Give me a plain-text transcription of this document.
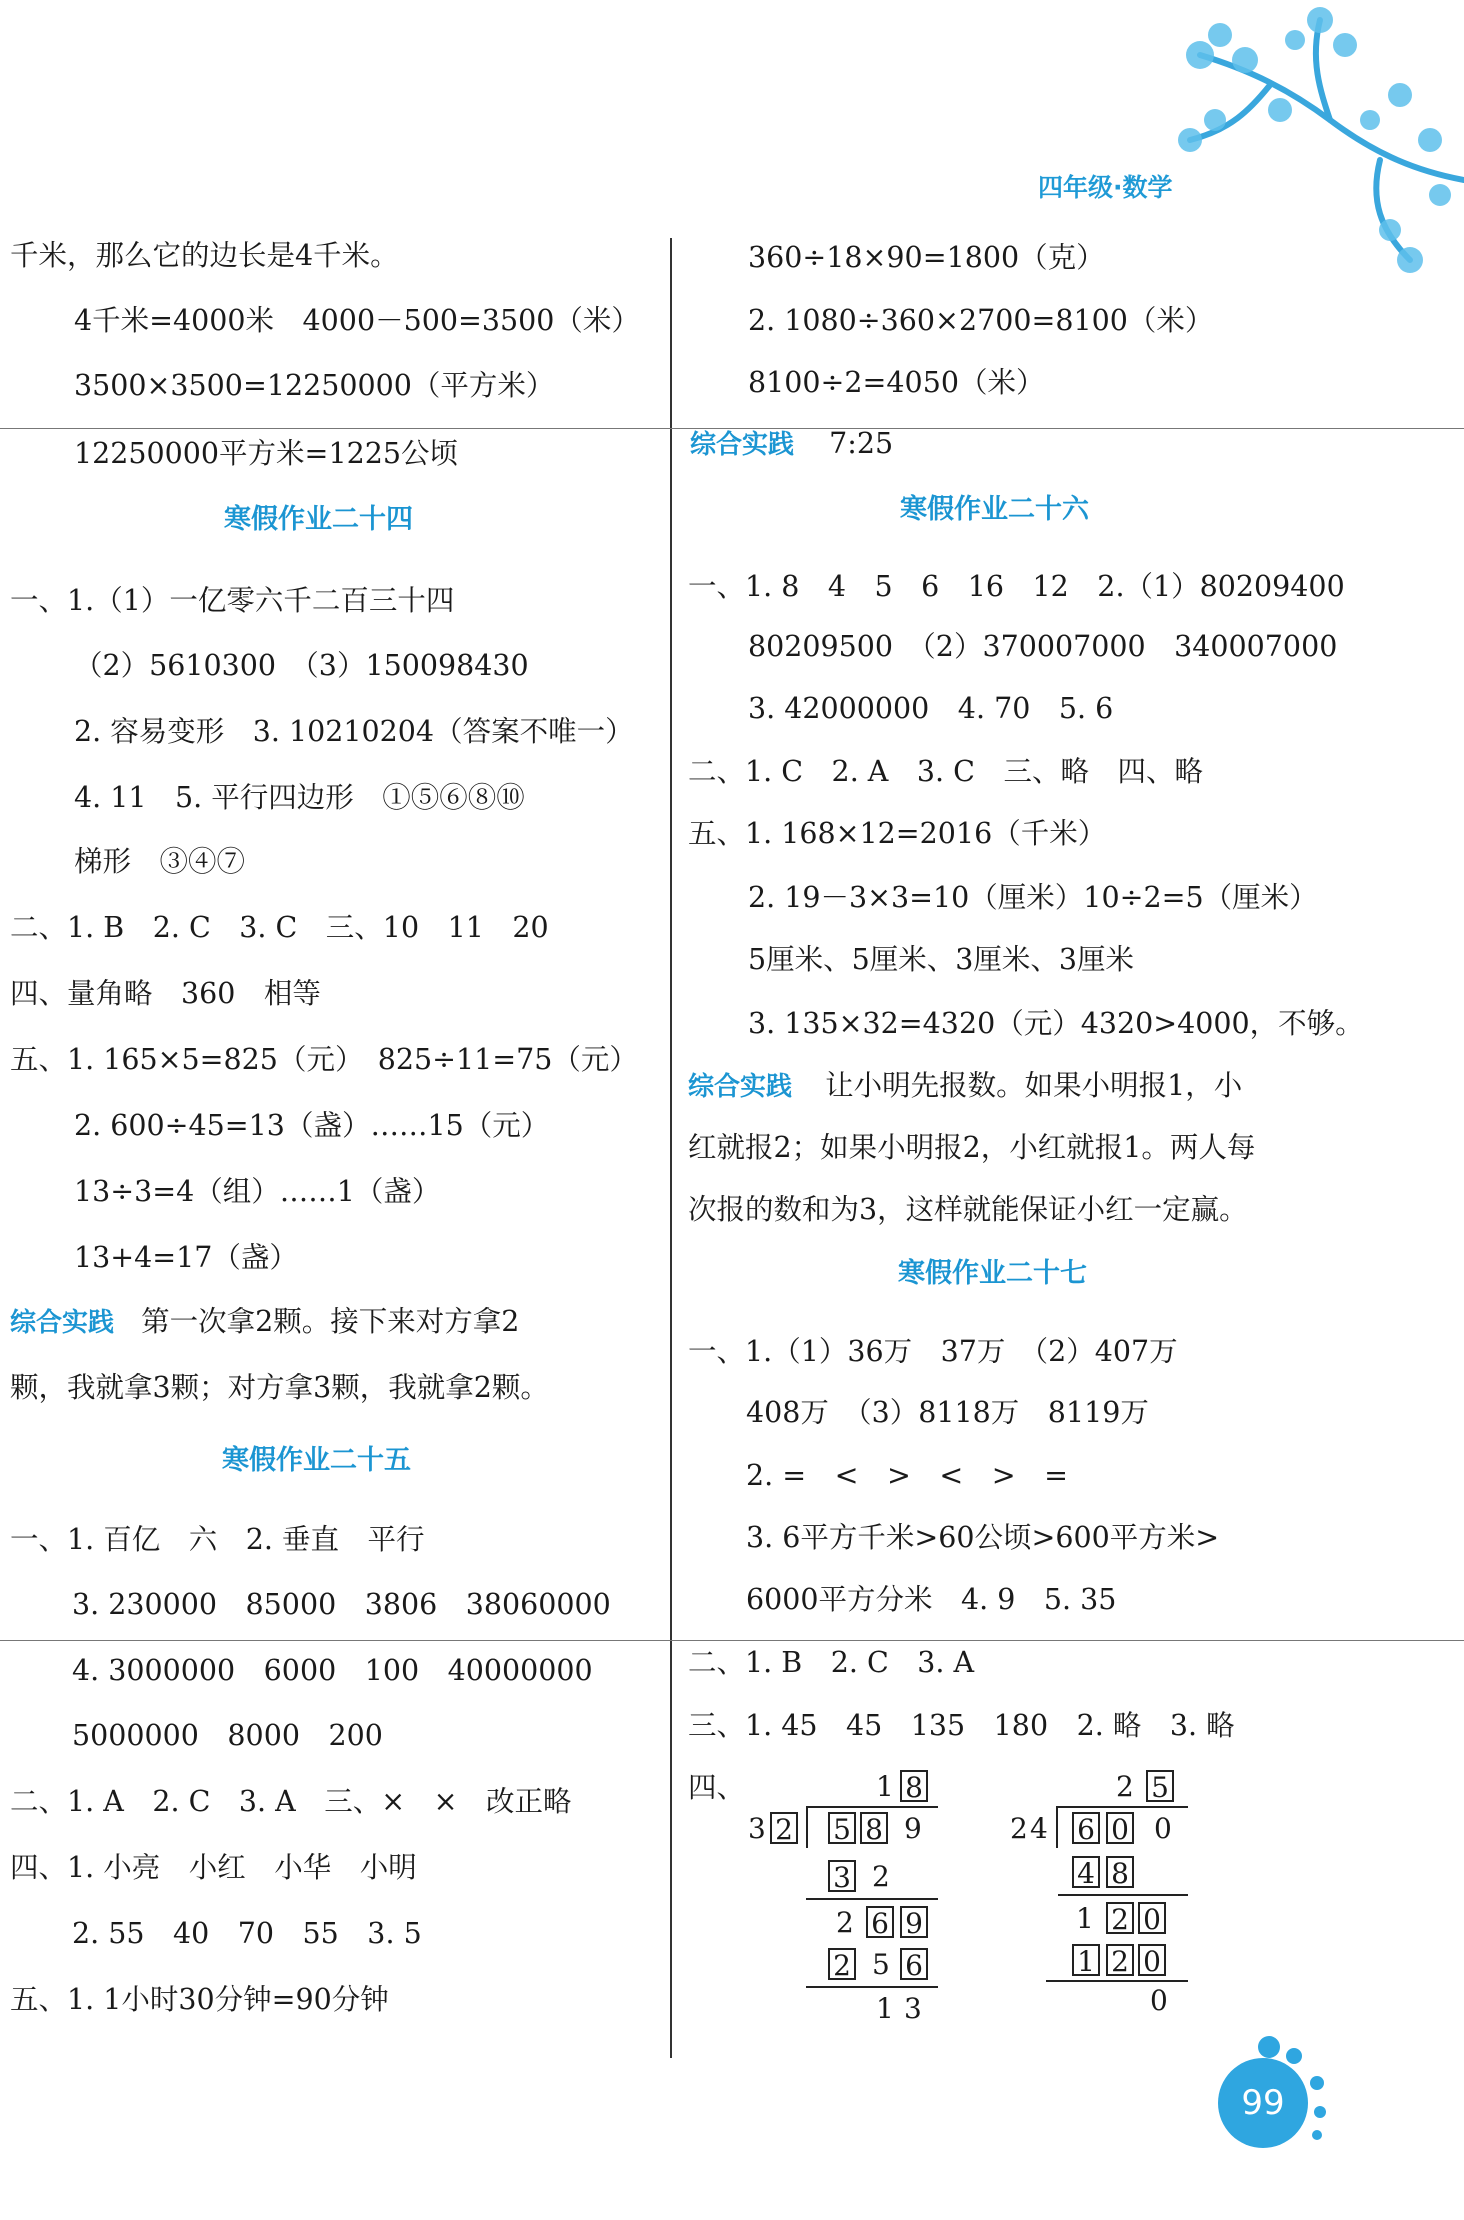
四年级·数学
千米，那么它的边长是4千米。
4千米=4000米　4000－500=3500（米）
3500×3500=12250000（平方米）
12250000平方米=1225公顷
寒假作业二十四
一、1.（1）一亿零六千二百三十四
（2）5610300　（3）150098430
2. 容易变形　3. 10210204（答案不唯一）
4. 11　5. 平行四边形　①⑤⑥⑧⑩
梯形　③④⑦
二、1. B　2. C　3. C　三、10　11　20
四、量角略　360　相等
五、1. 165×5=825（元）　825÷11=75（元）
2. 600÷45=13（盏）……15（元）
13÷3=4（组）……1（盏）
13+4=17（盏）
综合实践 第一次拿2颗。接下来对方拿2
颗，我就拿3颗；对方拿3颗，我就拿2颗。
寒假作业二十五
一、1. 百亿　六　2. 垂直　平行
3. 230000　85000　3806　38060000
4. 3000000　6000　100　40000000
5000000　8000　200
二、1. A　2. C　3. A　三、×　×　改正略
四、1. 小亮　小红　小华　小明
2. 55　40　70　55　3. 5
五、1. 1小时30分钟=90分钟
360÷18×90=1800（克）
2. 1080÷360×2700=8100（米）
8100÷2=4050（米）
综合实践 7:25
寒假作业二十六
一、1. 8　4　5　6　16　12　2.（1）80209400
80209500　（2）370007000　340007000
3. 42000000　4. 70　5. 6
二、1. C　2. A　3. C　三、略　四、略
五、1. 168×12=2016（千米）
2. 19－3×3=10（厘米）10÷2=5（厘米）
5厘米、5厘米、3厘米、3厘米
3. 135×32=4320（元）4320>4000，不够。
综合实践 让小明先报数。如果小明报1，小
红就报2；如果小明报2，小红就报1。两人每
次报的数和为3，这样就能保证小红一定赢。
寒假作业二十七
一、1.（1）36万　37万　（2）407万
408万　（3）8118万　8119万
2. =　<　>　<　>　=
3. 6平方千米>60公顷>600平方米>
6000平方分米　4. 9　5. 35
二、1. B　2. C　3. A
三、1. 45　45　135　180　2. 略　3. 略
四、	1 8
3 2 5 8 9
3 2
2 6 9
2 5 6
1 3
2 5
2 4 6 0 0
4 8
1 2 0
1 2 0
0
99
